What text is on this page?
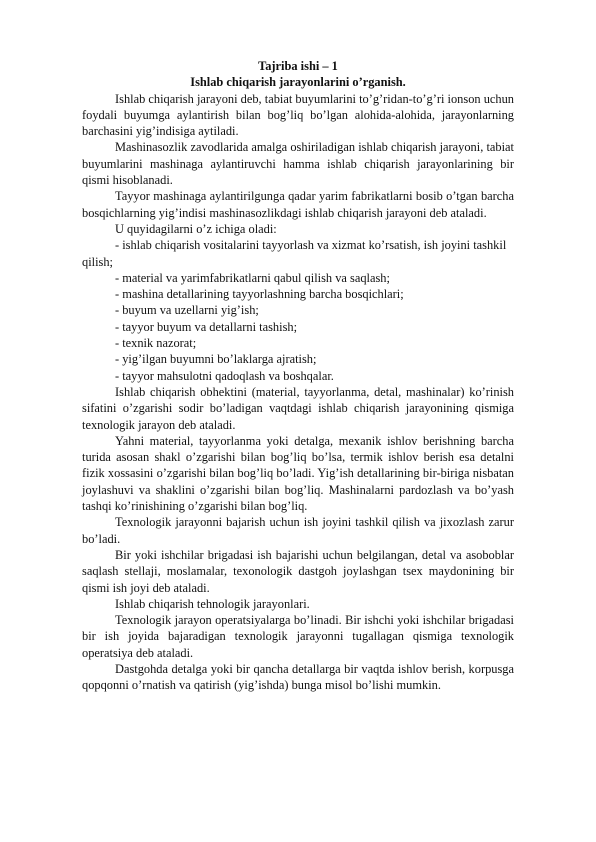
Tajriba ishi – 1

Ishlab chiqarish jarayonlarini o’rganish.

Ishlab chiqarish jarayoni deb, tabiat buyumlarini to’g’ridan-to’g’ri ionson uchun foydali buyumga aylantirish bilan bog’liq bo’lgan alohida-alohida, jarayonlarning barchasini yig’indisiga aytiladi.

Mashinasozlik zavodlarida amalga oshiriladigan ishlab chiqarish jarayoni, tabiat buyumlarini mashinaga aylantiruvchi hamma ishlab chiqarish jarayonlarining bir qismi hisoblanadi.

Tayyor mashinaga aylantirilgunga qadar yarim fabrikatlarni bosib o’tgan barcha bosqichlarning yig’indisi mashinasozlikdagi ishlab chiqarish jarayoni deb ataladi.

U quyidagilarni o’z ichiga oladi:

- ishlab chiqarish vositalarini tayyorlash va xizmat ko’rsatish, ish joyini tashkil qilish;

- material va yarimfabrikatlarni qabul qilish va saqlash;

- mashina detallarining tayyorlashning barcha bosqichlari;

- buyum va uzellarni yig’ish;

- tayyor buyum va detallarni tashish;

- texnik nazorat;

- yig’ilgan buyumni bo’laklarga ajratish;

- tayyor mahsulotni qadoqlash va boshqalar.

Ishlab chiqarish obhektini (material, tayyorlanma, detal, mashinalar) ko’rinish sifatini o’zgarishi sodir bo’ladigan vaqtdagi ishlab chiqarish jarayonining qismiga texnologik jarayon deb ataladi.

Yahni material, tayyorlanma yoki detalga, mexanik ishlov berishning barcha turida asosan shakl o’zgarishi bilan bog’liq bo’lsa, termik ishlov berish esa detalni fizik xossasini o’zgarishi bilan bog’liq bo’ladi. Yig’ish detallarining bir-biriga nisbatan joylashuvi va shaklini o’zgarishi bilan bog’liq. Mashinalarni pardozlash va bo’yash tashqi ko’rinishining o’zgarishi bilan bog’liq.

Texnologik jarayonni bajarish uchun ish joyini tashkil qilish va jixozlash zarur bo’ladi.

Bir yoki ishchilar brigadasi ish bajarishi uchun belgilangan, detal va asoboblar saqlash stellaji, moslamalar, texonologik dastgoh joylashgan tsex maydonining bir qismi ish joyi deb ataladi.

Ishlab chiqarish tehnologik jarayonlari.

Texnologik jarayon operatsiyalarga bo’linadi. Bir ishchi yoki ishchilar brigadasi bir ish joyida bajaradigan texnologik jarayonni tugallagan qismiga texnologik operatsiya deb ataladi.

Dastgohda detalga yoki bir qancha detallarga bir vaqtda ishlov berish, korpusga qopqonni o’rnatish va qatirish (yig’ishda) bunga misol bo’lishi mumkin.
